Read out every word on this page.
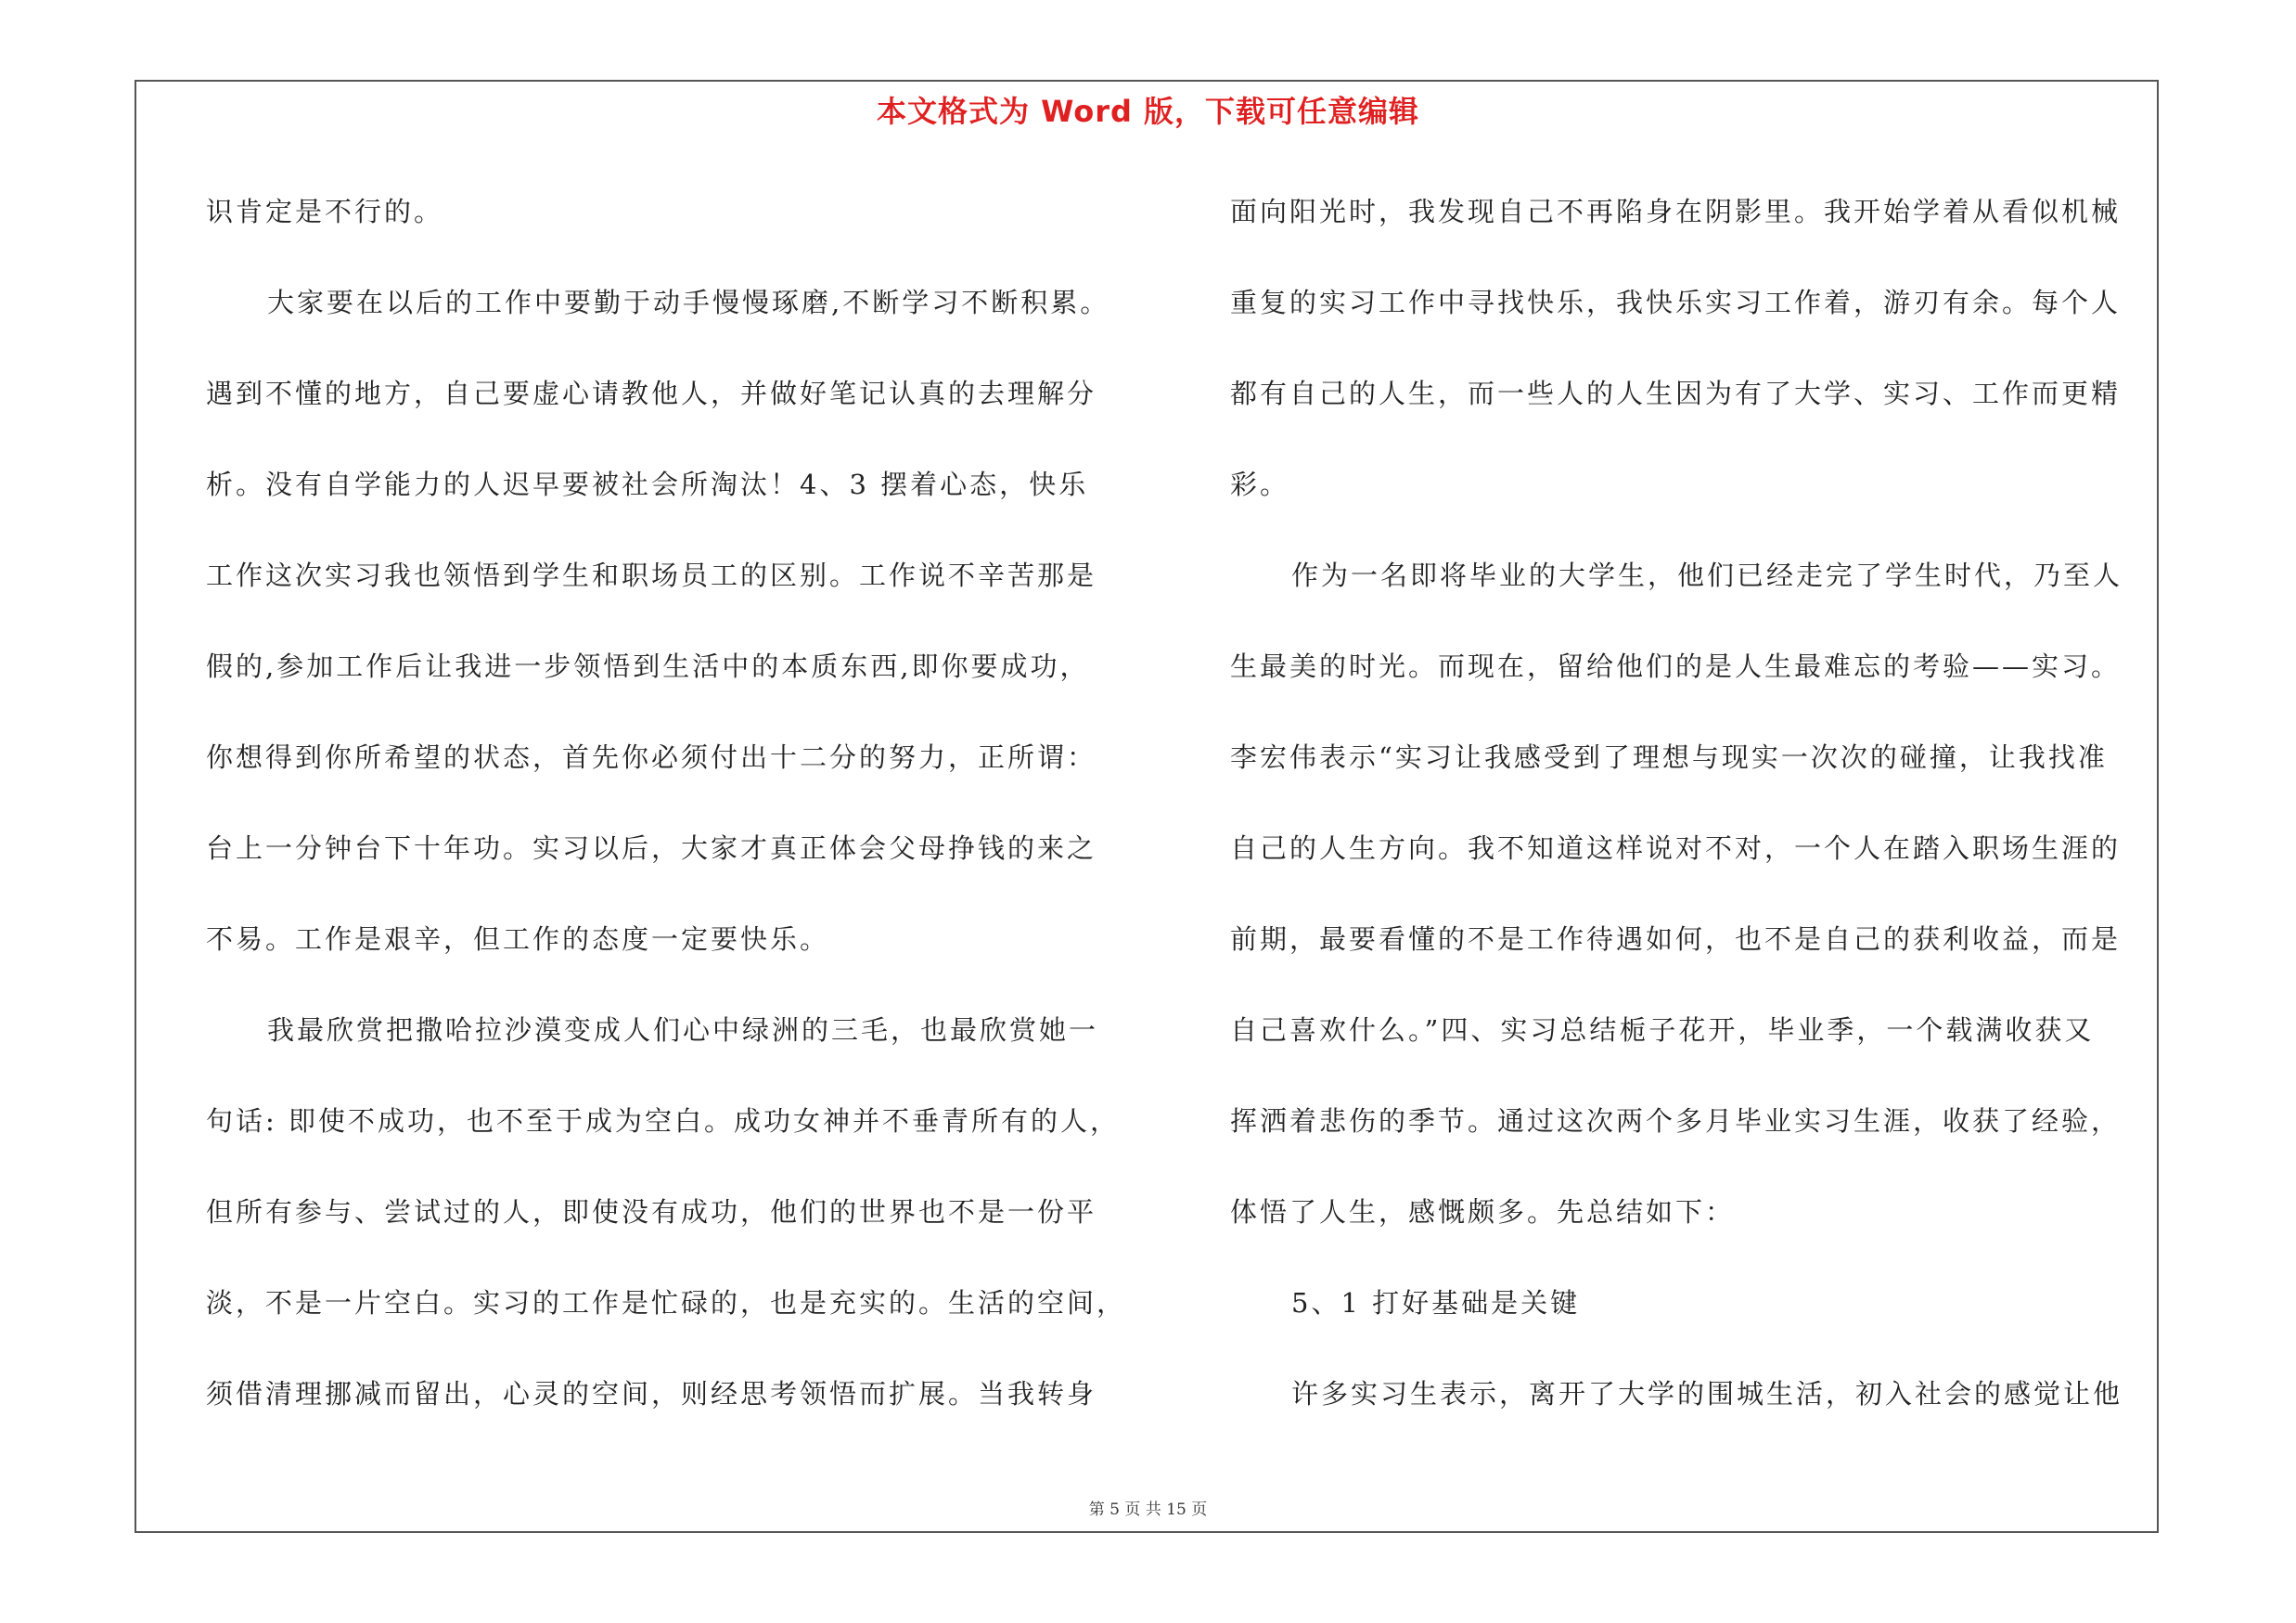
本文格式为 Word 版，下载可任意编辑
识肯定是不行的。
大家要在以后的工作中要勤于动手慢慢琢磨,不断学习不断积累。
遇到不懂的地方，自己要虚心请教他人，并做好笔记认真的去理解分
析。没有自学能力的人迟早要被社会所淘汰！4、3 摆着心态，快乐
工作这次实习我也领悟到学生和职场员工的区别。工作说不辛苦那是
假的,参加工作后让我进一步领悟到生活中的本质东西,即你要成功，
你想得到你所希望的状态，首先你必须付出十二分的努力，正所谓：
台上一分钟台下十年功。实习以后，大家才真正体会父母挣钱的来之
不易。工作是艰辛，但工作的态度一定要快乐。
我最欣赏把撒哈拉沙漠变成人们心中绿洲的三毛，也最欣赏她一
句话: 即使不成功，也不至于成为空白。成功女神并不垂青所有的人，
但所有参与、尝试过的人，即使没有成功，他们的世界也不是一份平
淡，不是一片空白。实习的工作是忙碌的，也是充实的。生活的空间，
须借清理挪减而留出，心灵的空间，则经思考领悟而扩展。当我转身
面向阳光时，我发现自己不再陷身在阴影里。我开始学着从看似机械
重复的实习工作中寻找快乐，我快乐实习工作着，游刃有余。每个人
都有自己的人生，而一些人的人生因为有了大学、实习、工作而更精
彩。
作为一名即将毕业的大学生，他们已经走完了学生时代，乃至人
生最美的时光。而现在，留给他们的是人生最难忘的考验——实习。
李宏伟表示“实习让我感受到了理想与现实一次次的碰撞，让我找准
自己的人生方向。我不知道这样说对不对，一个人在踏入职场生涯的
前期，最要看懂的不是工作待遇如何，也不是自己的获利收益，而是
自己喜欢什么。”四、实习总结栀子花开，毕业季，一个载满收获又
挥洒着悲伤的季节。通过这次两个多月毕业实习生涯，收获了经验，
体悟了人生，感慨颇多。先总结如下：
5、1 打好基础是关键
许多实习生表示，离开了大学的围城生活，初入社会的感觉让他
第 5 页 共 15 页
